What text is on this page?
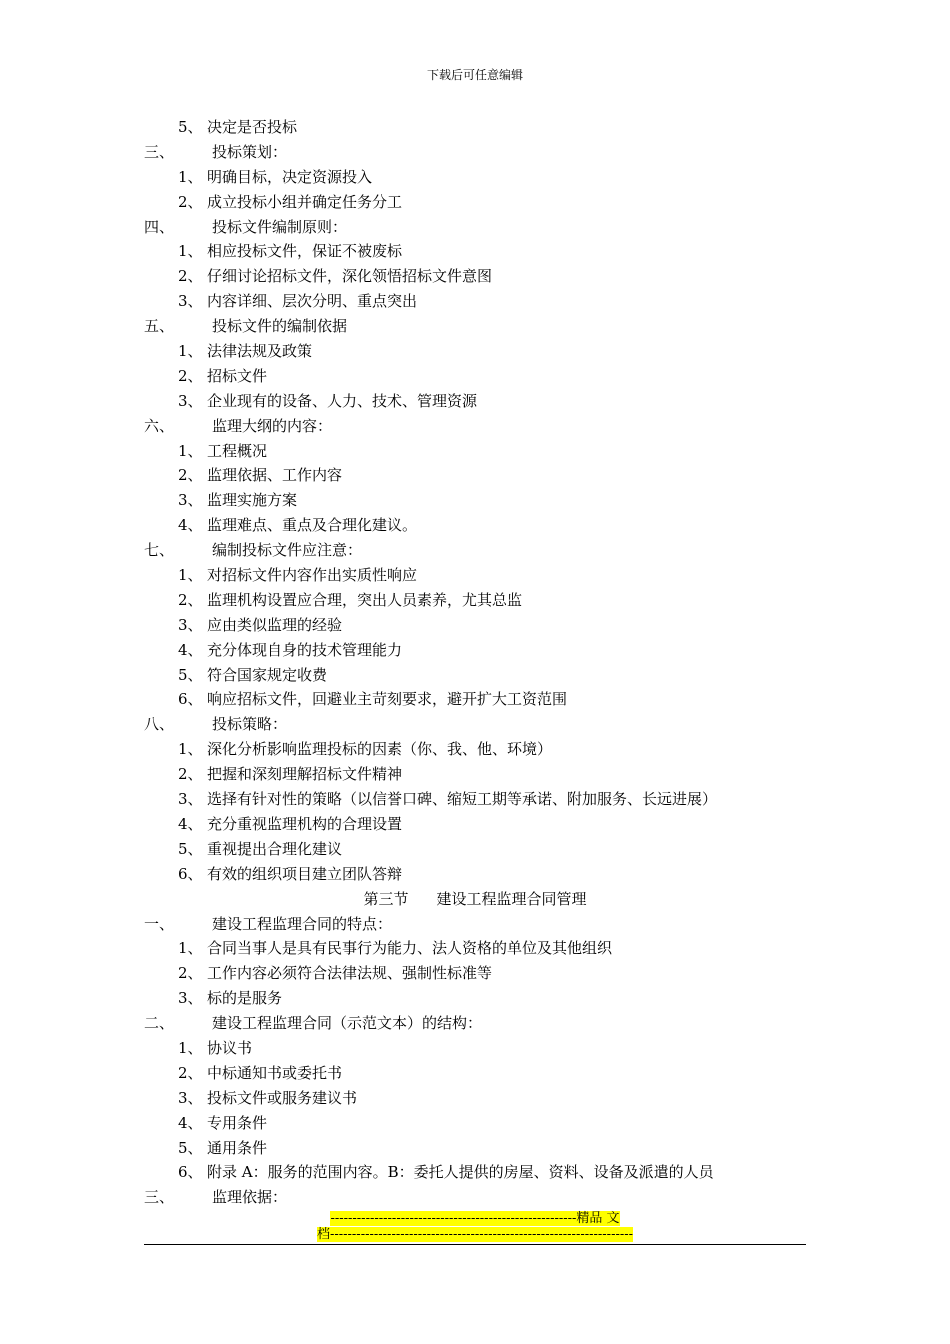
下载后可任意编辑
5、 决定是否投标
三、	投标策划：
1、 明确目标，决定资源投入
2、 成立投标小组并确定任务分工
四、	投标文件编制原则：
1、 相应投标文件，保证不被废标
2、 仔细讨论招标文件，深化领悟招标文件意图
3、 内容详细、层次分明、重点突出
五、	投标文件的编制依据
1、 法律法规及政策
2、 招标文件
3、 企业现有的设备、人力、技术、管理资源
六、	监理大纲的内容：
1、 工程概况
2、 监理依据、工作内容
3、 监理实施方案
4、 监理难点、重点及合理化建议。
七、	编制投标文件应注意：
1、 对招标文件内容作出实质性响应
2、 监理机构设置应合理，突出人员素养，尤其总监
3、 应由类似监理的经验
4、 充分体现自身的技术管理能力
5、 符合国家规定收费
6、 响应招标文件，回避业主苛刻要求，避开扩大工资范围
八、	投标策略：
1、 深化分析影响监理投标的因素（你、我、他、环境）
2、 把握和深刻理解招标文件精神
3、 选择有针对性的策略（以信誉口碑、缩短工期等承诺、附加服务、长远进展）
4、 充分重视监理机构的合理设置
5、 重视提出合理化建议
6、 有效的组织项目建立团队答辩
第三节 建设工程监理合同管理
一、	建设工程监理合同的特点：
1、 合同当事人是具有民事行为能力、法人资格的单位及其他组织
2、 工作内容必须符合法律法规、强制性标准等
3、 标的是服务
二、	建设工程监理合同（示范文本）的结构：
1、 协议书
2、 中标通知书或委托书
3、 投标文件或服务建议书
4、 专用条件
5、 通用条件
6、 附录 A：服务的范围内容。B：委托人提供的房屋、资料、设备及派遣的人员
三、	监理依据：
--------------------------------------------------------精品 文
档---------------------------------------------------------------------
